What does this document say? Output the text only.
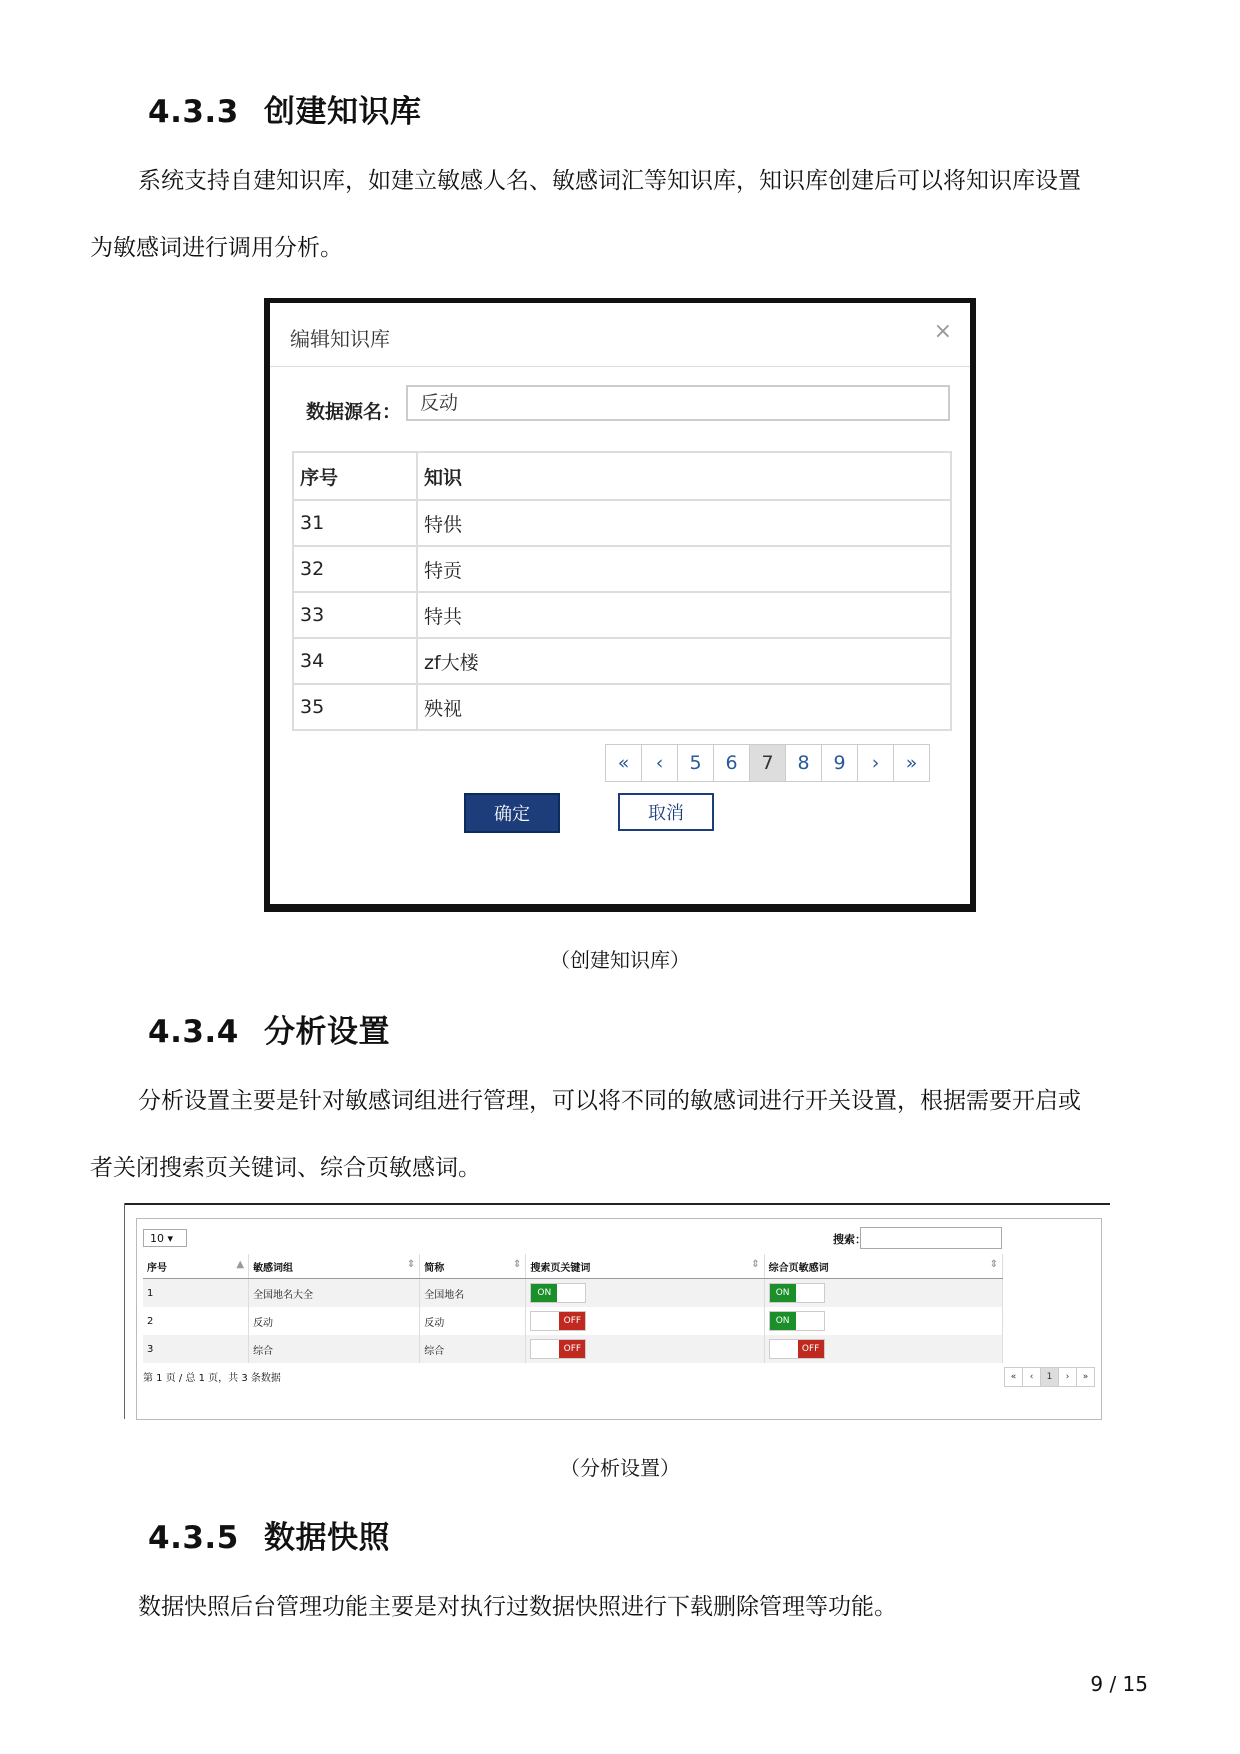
4.3.3 创建知识库
系统支持自建知识库，如建立敏感人名、敏感词汇等知识库，知识库创建后可以将知识库设置
为敏感词进行调用分析。
编辑知识库	×
数据源名： 反动
序号	知识
31	特供
32	特贡
33	特共
34	zf大楼
35	殃视
«	‹	5	6	7	8	9	›	»
确定	取消
（创建知识库）
4.3.4 分析设置
分析设置主要是针对敏感词组进行管理，可以将不同的敏感词进行开关设置，根据需要开启或
者关闭搜索页关键词、综合页敏感词。
10 ▾	搜索：
序号 ▲	敏感词组 ⇕	简称 ⇕	搜索页关键词 ⇕	综合页敏感词 ⇕

1	全国地名大全	全国地名	ON	ON

2	反动	反动	OFF	ON

3	综合	综合	OFF	OFF
第 1 页 / 总 1 页，共 3 条数据	«	‹	1	›	»
（分析设置）
4.3.5 数据快照
数据快照后台管理功能主要是对执行过数据快照进行下载删除管理等功能。
9 / 15
